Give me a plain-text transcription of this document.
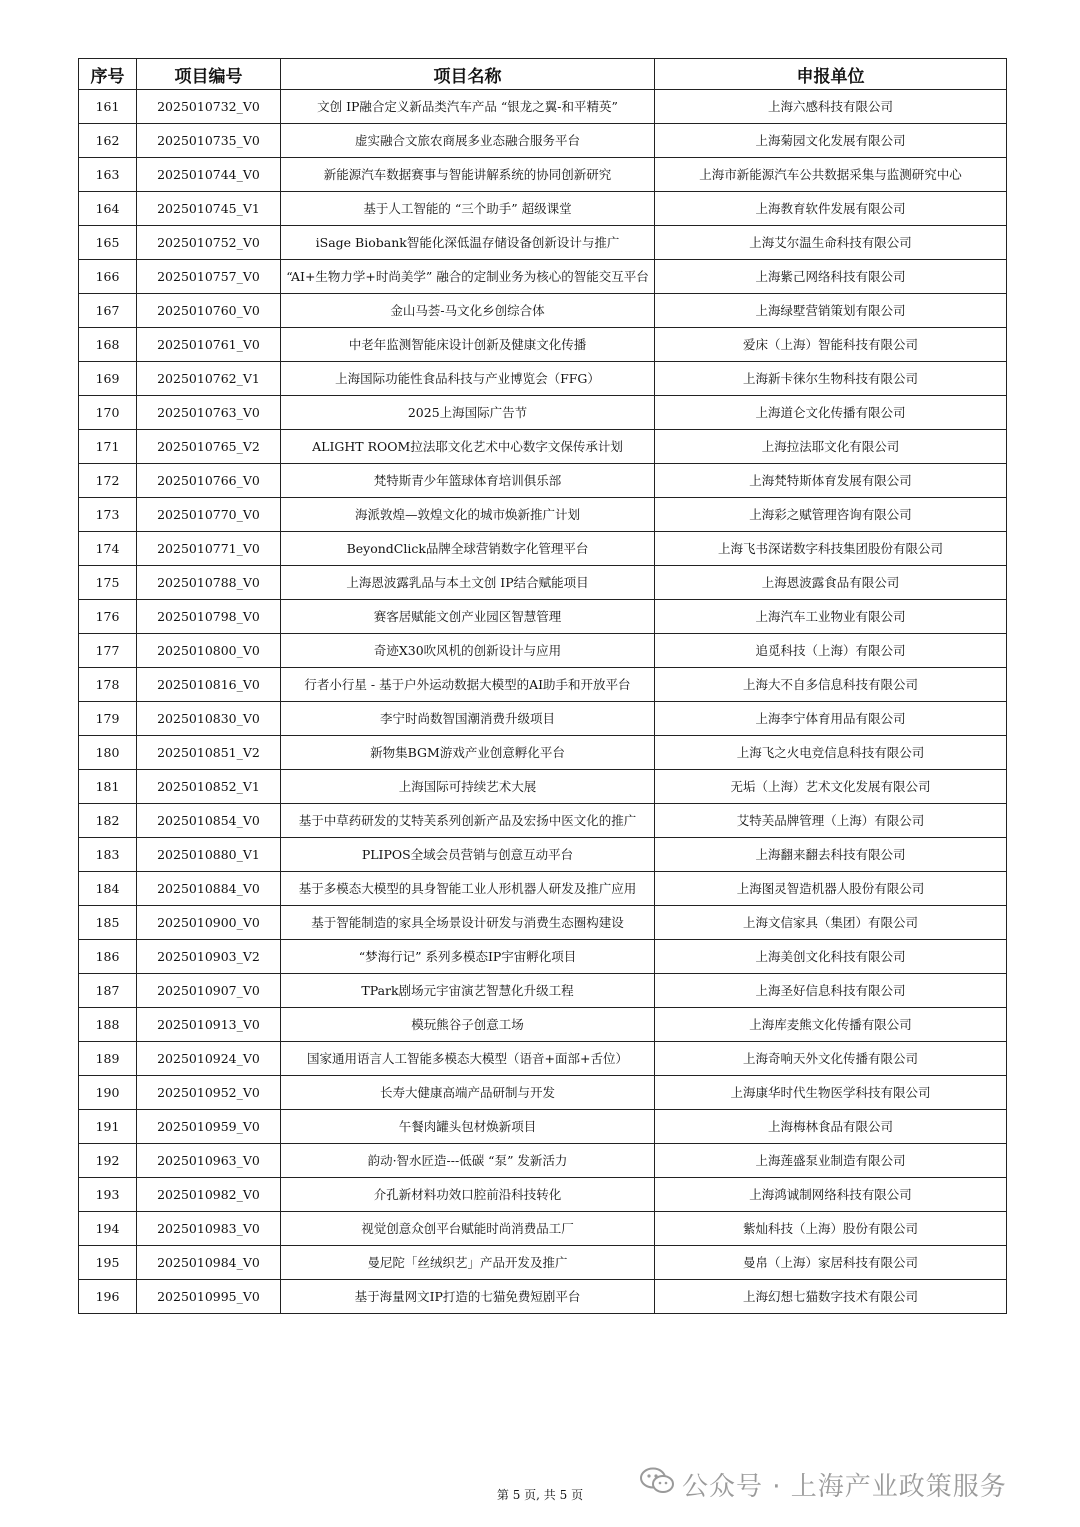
序号	项目编号	项目名称	申报单位
161	2025010732_V0	文创 IP融合定义新品类汽车产品 “银龙之翼-和平精英”	上海六感科技有限公司
162	2025010735_V0	虚实融合文旅农商展多业态融合服务平台	上海菊园文化发展有限公司
163	2025010744_V0	新能源汽车数据赛事与智能讲解系统的协同创新研究	上海市新能源汽车公共数据采集与监测研究中心
164	2025010745_V1	基于人工智能的 “三个助手” 超级课堂	上海教育软件发展有限公司
165	2025010752_V0	iSage Biobank智能化深低温存储设备创新设计与推广	上海艾尔温生命科技有限公司
166	2025010757_V0	“AI+生物力学+时尚美学” 融合的定制业务为核心的智能交互平台	上海紫己网络科技有限公司
167	2025010760_V0	金山马荟-马文化乡创综合体	上海绿墅营销策划有限公司
168	2025010761_V0	中老年监测智能床设计创新及健康文化传播	爱床（上海）智能科技有限公司
169	2025010762_V1	上海国际功能性食品科技与产业博览会（FFG）	上海新卡徕尔生物科技有限公司
170	2025010763_V0	2025上海国际广告节	上海道仑文化传播有限公司
171	2025010765_V2	ALIGHT ROOM拉法耶文化艺术中心数字文保传承计划	上海拉法耶文化有限公司
172	2025010766_V0	梵特斯青少年篮球体育培训俱乐部	上海梵特斯体育发展有限公司
173	2025010770_V0	海派敦煌—敦煌文化的城市焕新推广计划	上海彩之赋管理咨询有限公司
174	2025010771_V0	BeyondClick品牌全球营销数字化管理平台	上海飞书深诺数字科技集团股份有限公司
175	2025010788_V0	上海恩波露乳品与本土文创 IP结合赋能项目	上海恩波露食品有限公司
176	2025010798_V0	赛客居赋能文创产业园区智慧管理	上海汽车工业物业有限公司
177	2025010800_V0	奇迹X30吹风机的创新设计与应用	追觅科技（上海）有限公司
178	2025010816_V0	行者小行星 - 基于户外运动数据大模型的AI助手和开放平台	上海大不自多信息科技有限公司
179	2025010830_V0	李宁时尚数智国潮消费升级项目	上海李宁体育用品有限公司
180	2025010851_V2	新物集BGM游戏产业创意孵化平台	上海飞之火电竞信息科技有限公司
181	2025010852_V1	上海国际可持续艺术大展	无垢（上海）艺术文化发展有限公司
182	2025010854_V0	基于中草药研发的艾特芙系列创新产品及宏扬中医文化的推广	艾特芙品牌管理（上海）有限公司
183	2025010880_V1	PLIPOS全域会员营销与创意互动平台	上海翻来翻去科技有限公司
184	2025010884_V0	基于多模态大模型的具身智能工业人形机器人研发及推广应用	上海图灵智造机器人股份有限公司
185	2025010900_V0	基于智能制造的家具全场景设计研发与消费生态圈构建设	上海文信家具（集团）有限公司
186	2025010903_V2	“梦海行记” 系列多模态IP宇宙孵化项目	上海美创文化科技有限公司
187	2025010907_V0	TPark剧场元宇宙演艺智慧化升级工程	上海圣好信息科技有限公司
188	2025010913_V0	模玩熊谷子创意工场	上海库麦熊文化传播有限公司
189	2025010924_V0	国家通用语言人工智能多模态大模型（语音+面部+舌位）	上海奇响天外文化传播有限公司
190	2025010952_V0	长寿大健康高端产品研制与开发	上海康华时代生物医学科技有限公司
191	2025010959_V0	午餐肉罐头包材焕新项目	上海梅林食品有限公司
192	2025010963_V0	韵动·智水匠造---低碳 “泵” 发新活力	上海莲盛泵业制造有限公司
193	2025010982_V0	介孔新材料功效口腔前沿科技转化	上海鸿诚制网络科技有限公司
194	2025010983_V0	视觉创意众创平台赋能时尚消费品工厂	紫灿科技（上海）股份有限公司
195	2025010984_V0	曼尼陀「丝绒织艺」产品开发及推广	曼帛（上海）家居科技有限公司
196	2025010995_V0	基于海量网文IP打造的七猫免费短剧平台	上海幻想七猫数字技术有限公司
第 5 页, 共 5 页	公众号 · 上海产业政策服务
